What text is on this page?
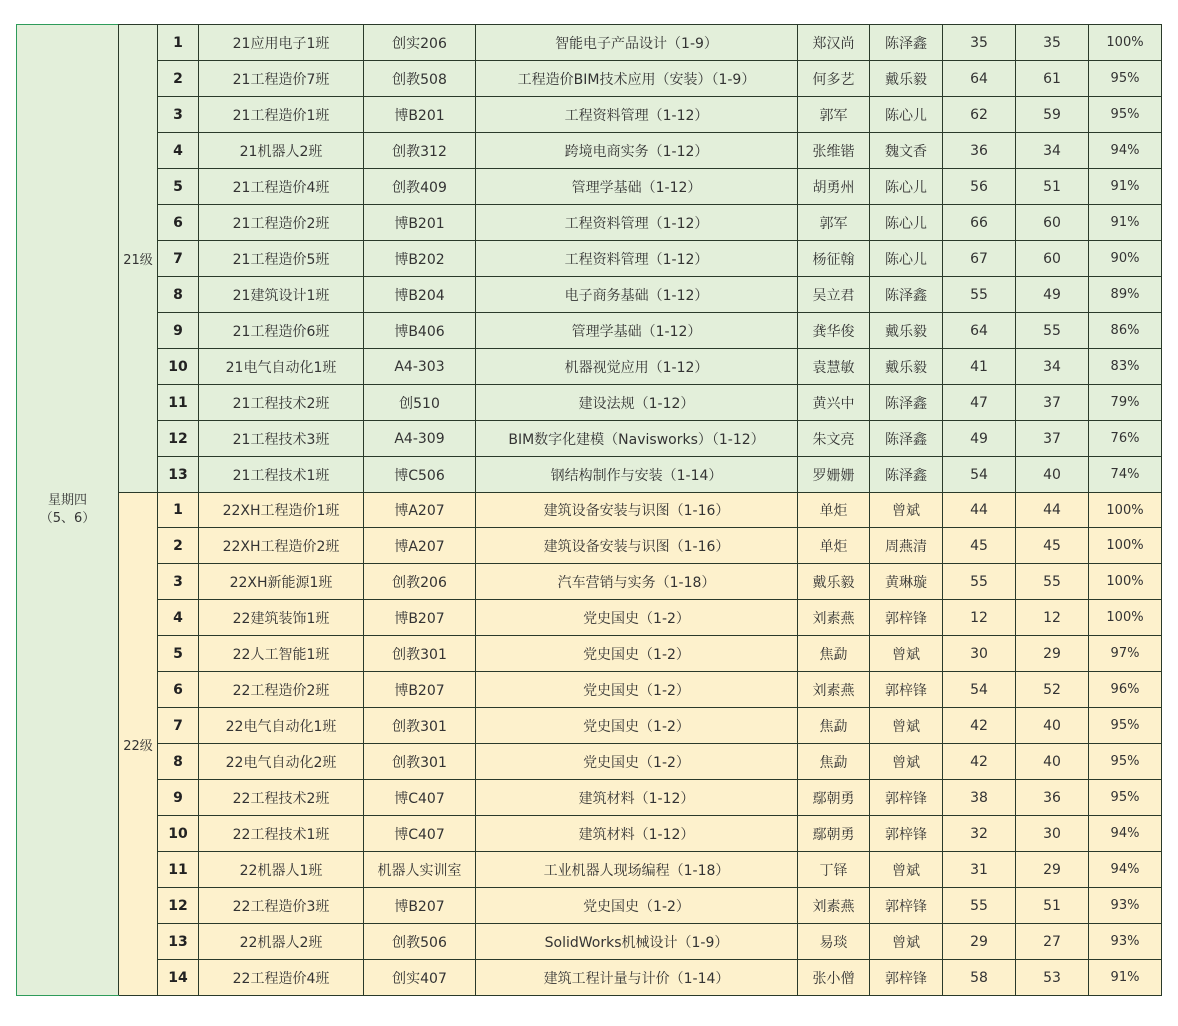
星期四
（5、6）	21级	1	21应用电子1班	创实206	智能电子产品设计（1-9）	郑汉尚	陈泽鑫	35	35	100%
		2	21工程造价7班	创教508	工程造价BIM技术应用（安装）（1-9）	何多艺	戴乐毅	64	61	95%
		3	21工程造价1班	博B201	工程资料管理（1-12）	郭军	陈心儿	62	59	95%
		4	21机器人2班	创教312	跨境电商实务（1-12）	张维锴	魏文香	36	34	94%
		5	21工程造价4班	创教409	管理学基础（1-12）	胡勇州	陈心儿	56	51	91%
		6	21工程造价2班	博B201	工程资料管理（1-12）	郭军	陈心儿	66	60	91%
		7	21工程造价5班	博B202	工程资料管理（1-12）	杨征翰	陈心儿	67	60	90%
		8	21建筑设计1班	博B204	电子商务基础（1-12）	吴立君	陈泽鑫	55	49	89%
		9	21工程造价6班	博B406	管理学基础（1-12）	龚华俊	戴乐毅	64	55	86%
		10	21电气自动化1班	A4-303	机器视觉应用（1-12）	袁慧敏	戴乐毅	41	34	83%
		11	21工程技术2班	创510	建设法规（1-12）	黄兴中	陈泽鑫	47	37	79%
		12	21工程技术3班	A4-309	BIM数字化建模（Navisworks）（1-12）	朱文亮	陈泽鑫	49	37	76%
		13	21工程技术1班	博C506	钢结构制作与安装（1-14）	罗姗姗	陈泽鑫	54	40	74%
	22级	1	22XH工程造价1班	博A207	建筑设备安装与识图（1-16）	单炬	曾斌	44	44	100%
		2	22XH工程造价2班	博A207	建筑设备安装与识图（1-16）	单炬	周燕清	45	45	100%
		3	22XH新能源1班	创教206	汽车营销与实务（1-18）	戴乐毅	黄琳璇	55	55	100%
		4	22建筑装饰1班	博B207	党史国史（1-2）	刘素燕	郭梓锋	12	12	100%
		5	22人工智能1班	创教301	党史国史（1-2）	焦勐	曾斌	30	29	97%
		6	22工程造价2班	博B207	党史国史（1-2）	刘素燕	郭梓锋	54	52	96%
		7	22电气自动化1班	创教301	党史国史（1-2）	焦勐	曾斌	42	40	95%
		8	22电气自动化2班	创教301	党史国史（1-2）	焦勐	曾斌	42	40	95%
		9	22工程技术2班	博C407	建筑材料（1-12）	鄢朝勇	郭梓锋	38	36	95%
		10	22工程技术1班	博C407	建筑材料（1-12）	鄢朝勇	郭梓锋	32	30	94%
		11	22机器人1班	机器人实训室	工业机器人现场编程（1-18）	丁铎	曾斌	31	29	94%
		12	22工程造价3班	博B207	党史国史（1-2）	刘素燕	郭梓锋	55	51	93%
		13	22机器人2班	创教506	SolidWorks机械设计（1-9）	易琰	曾斌	29	27	93%
		14	22工程造价4班	创实407	建筑工程计量与计价（1-14）	张小僧	郭梓锋	58	53	91%
